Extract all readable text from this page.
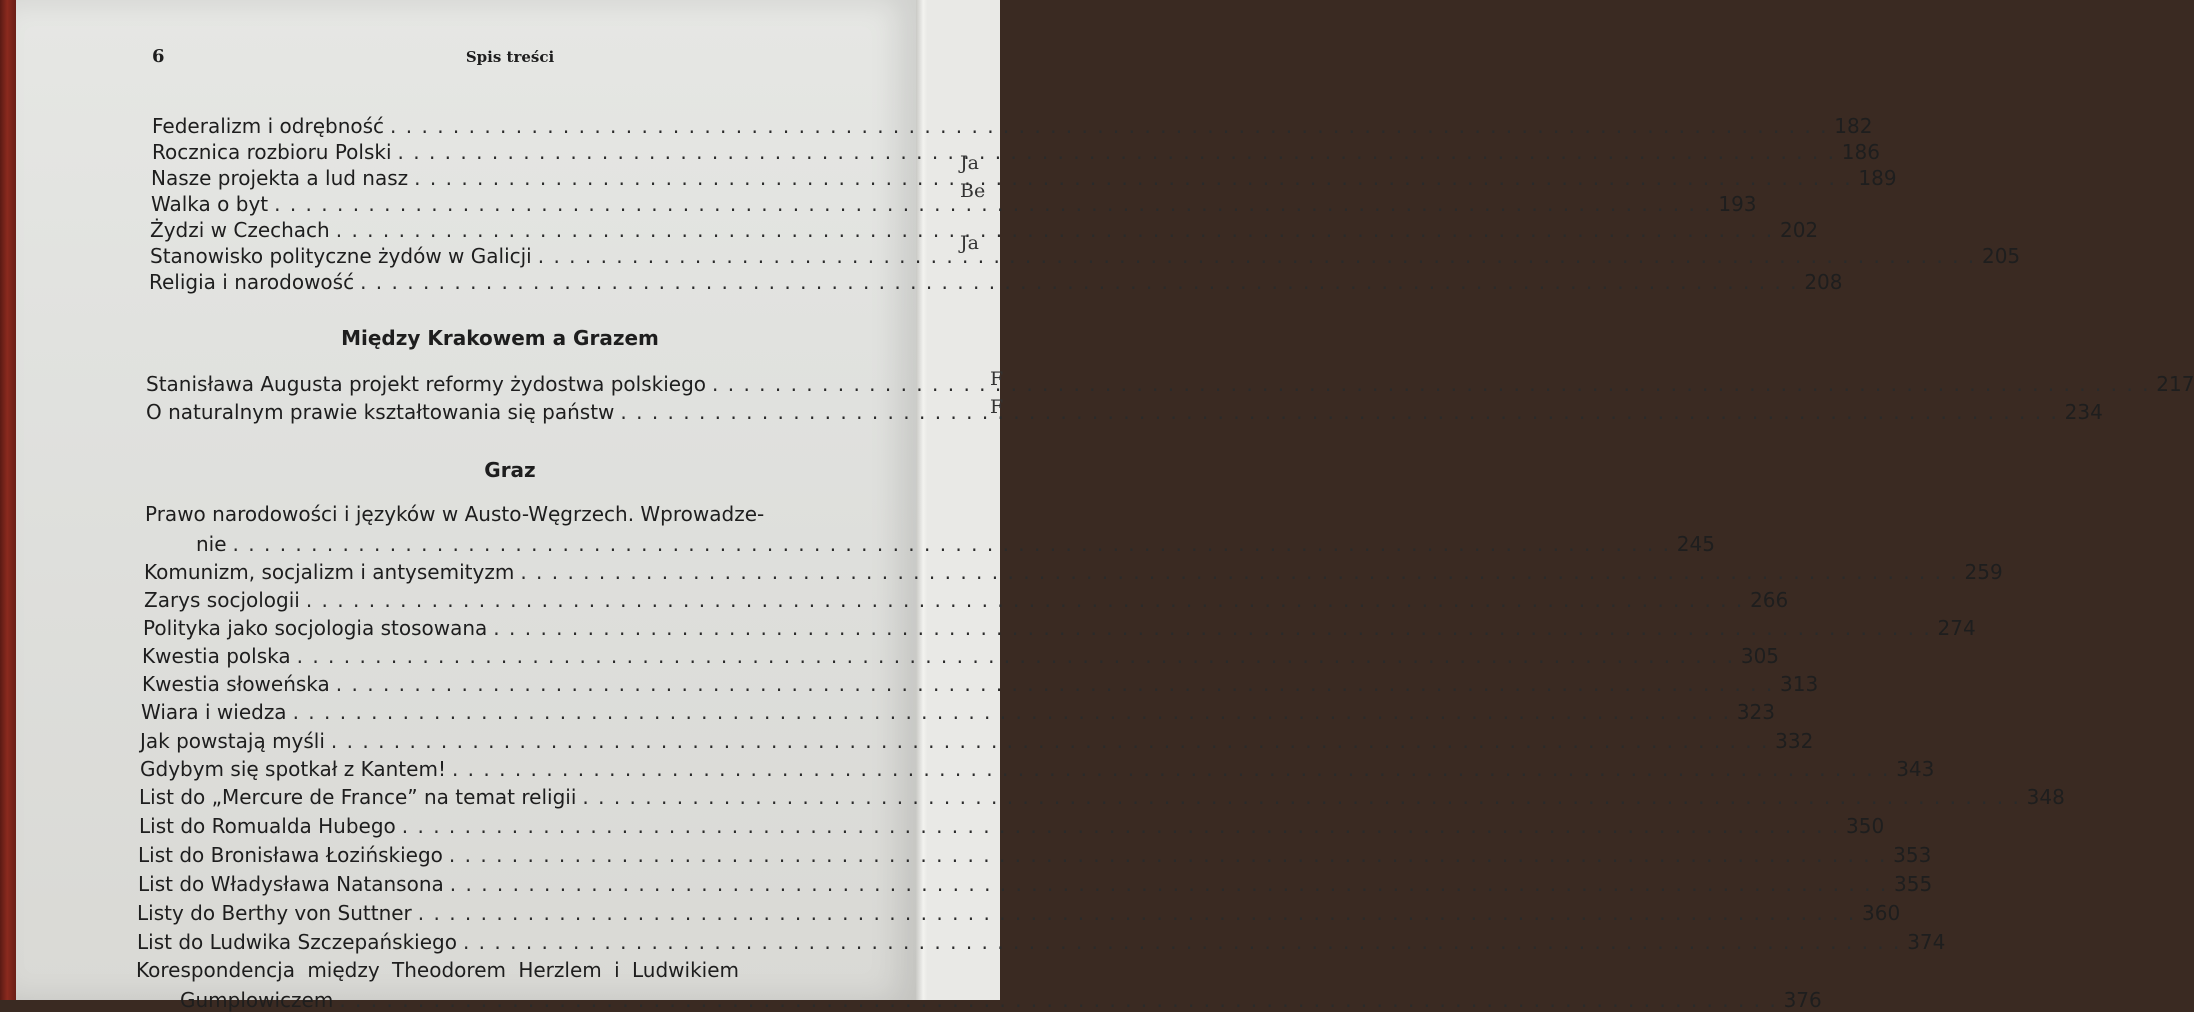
Ja
Be
Ja
F
F
6	Spis treści
Federalizm i odrębność . . .	182
Rocznica rozbioru Polski . . .	186
Nasze projekta a lud nasz . . .	189
Walka o byt . . .	193
Żydzi w Czechach . . .	202
Stanowisko polityczne żydów w Galicji . . .	205
Religia i narodowość . . .	208
Między Krakowem a Grazem
Stanisława Augusta projekt reformy żydostwa polskiego . . .	217
O naturalnym prawie kształtowania się państw . . .	234
Graz
Prawo narodowości i języków w Austo-Węgrzech. Wprowadze-
nie . . .	245
Komunizm, socjalizm i antysemityzm . . .	259
Zarys socjologii . . .	266
Polityka jako socjologia stosowana . . .	274
Kwestia polska . . .	305
Kwestia słoweńska . . .	313
Wiara i wiedza . . .	323
Jak powstają myśli . . .	332
Gdybym się spotkał z Kantem! . . .	343
List do „Mercure de France” na temat religii . . .	348
List do Romualda Hubego . . .	350
List do Bronisława Łozińskiego . . .	353
List do Władysława Natansona . . .	355
Listy do Berthy von Suttner . . .	360
List do Ludwika Szczepańskiego . . .	374
Korespondencja między Theodorem Herzlem i Ludwikiem
Gumplowiczem . . .	376
